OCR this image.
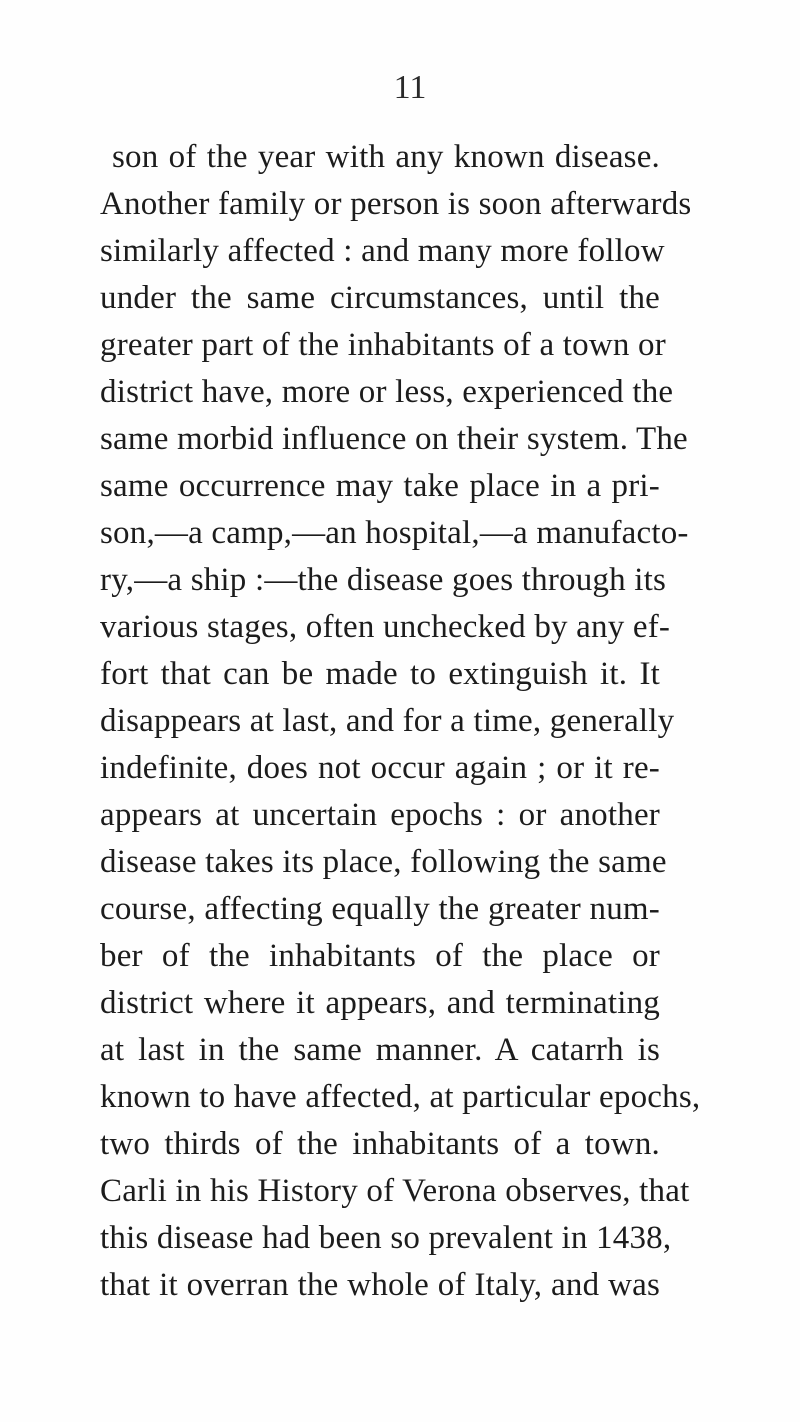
11
son of the year with any known disease.
Another family or person is soon afterwards
similarly affected : and many more follow
under the same circumstances, until the
greater part of the inhabitants of a town or
district have, more or less, experienced the
same morbid influence on their system. The
same occurrence may take place in a pri-
son,—a camp,—an hospital,—a manufacto-
ry,—a ship :—the disease goes through its
various stages, often unchecked by any ef-
fort that can be made to extinguish it. It
disappears at last, and for a time, generally
indefinite, does not occur again ; or it re-
appears at uncertain epochs : or another
disease takes its place, following the same
course, affecting equally the greater num-
ber of the inhabitants of the place or
district where it appears, and terminating
at last in the same manner. A catarrh is
known to have affected, at particular epochs,
two thirds of the inhabitants of a town.
Carli in his History of Verona observes, that
this disease had been so prevalent in 1438,
that it overran the whole of Italy, and was
